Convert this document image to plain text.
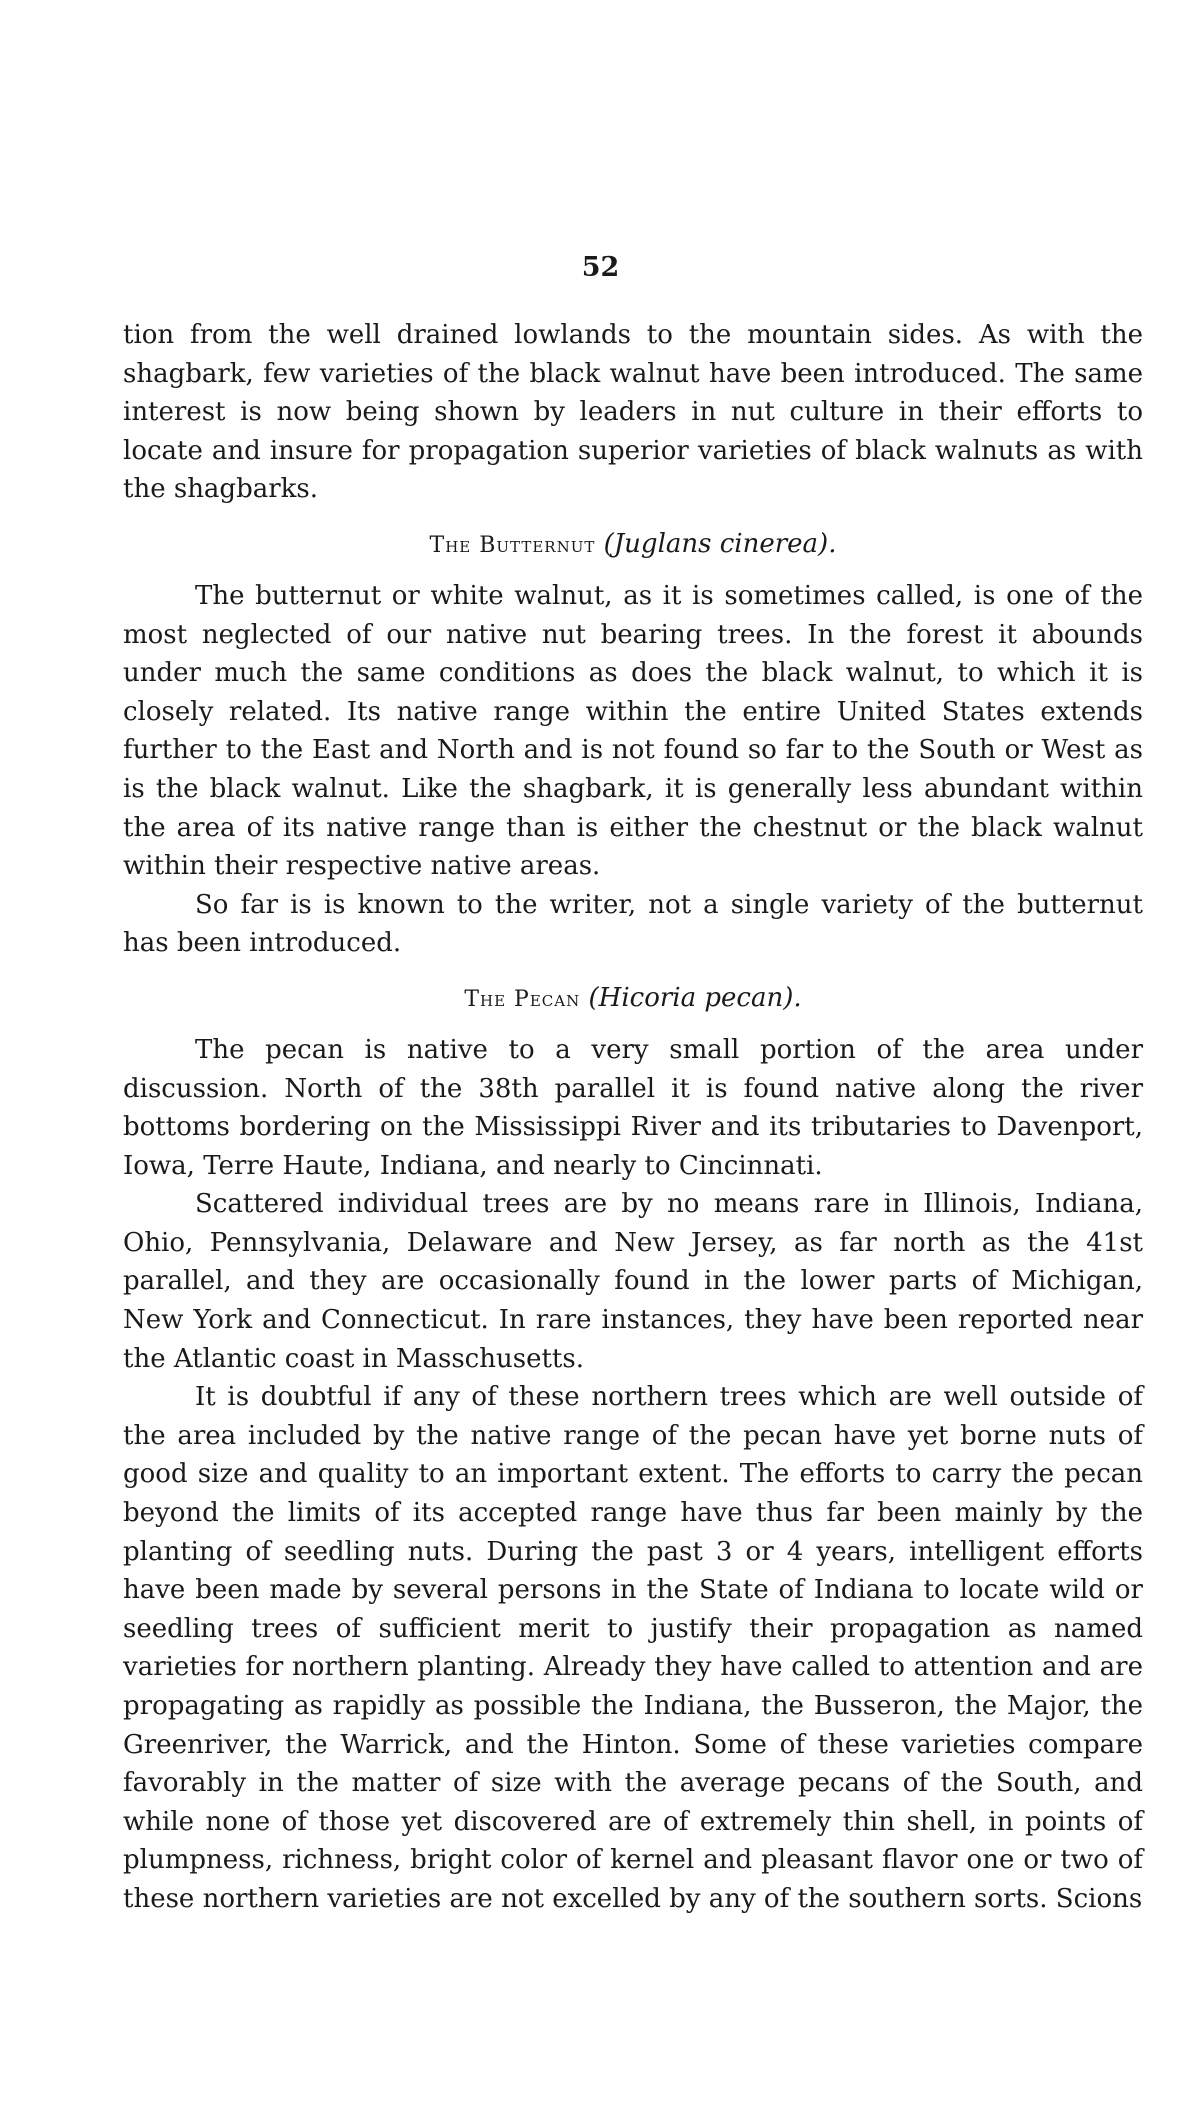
52

tion from the well drained lowlands to the mountain sides. As with the shagbark, few varieties of the black walnut have been introduced. The same interest is now being shown by leaders in nut culture in their efforts to locate and insure for propagation superior varieties of black walnuts as with the shagbarks.

The Butternut (Juglans cinerea).

The butternut or white walnut, as it is sometimes called, is one of the most neglected of our native nut bearing trees. In the forest it abounds under much the same conditions as does the black walnut, to which it is closely related. Its native range within the entire United States extends further to the East and North and is not found so far to the South or West as is the black walnut. Like the shagbark, it is generally less abundant within the area of its native range than is either the chestnut or the black walnut within their respective native areas.

So far is is known to the writer, not a single variety of the butternut has been introduced.

The Pecan (Hicoria pecan).

The pecan is native to a very small portion of the area under discussion. North of the 38th parallel it is found native along the river bottoms bordering on the Mississippi River and its tributaries to Davenport, Iowa, Terre Haute, Indiana, and nearly to Cincinnati.

Scattered individual trees are by no means rare in Illinois, Indiana, Ohio, Pennsylvania, Delaware and New Jersey, as far north as the 41st parallel, and they are occasionally found in the lower parts of Michigan, New York and Connecticut. In rare instances, they have been reported near the Atlantic coast in Masschusetts.

It is doubtful if any of these northern trees which are well outside of the area included by the native range of the pecan have yet borne nuts of good size and quality to an important extent. The efforts to carry the pecan beyond the limits of its accepted range have thus far been mainly by the planting of seedling nuts. During the past 3 or 4 years, intelligent efforts have been made by several persons in the State of Indiana to locate wild or seedling trees of sufficient merit to justify their propagation as named varieties for northern planting. Already they have called to attention and are propagating as rapidly as possible the Indiana, the Busseron, the Major, the Greenriver, the Warrick, and the Hinton. Some of these varieties compare favorably in the matter of size with the average pecans of the South, and while none of those yet discovered are of extremely thin shell, in points of plumpness, richness, bright color of kernel and pleasant flavor one or two of these northern varieties are not excelled by any of the southern sorts. Scions
